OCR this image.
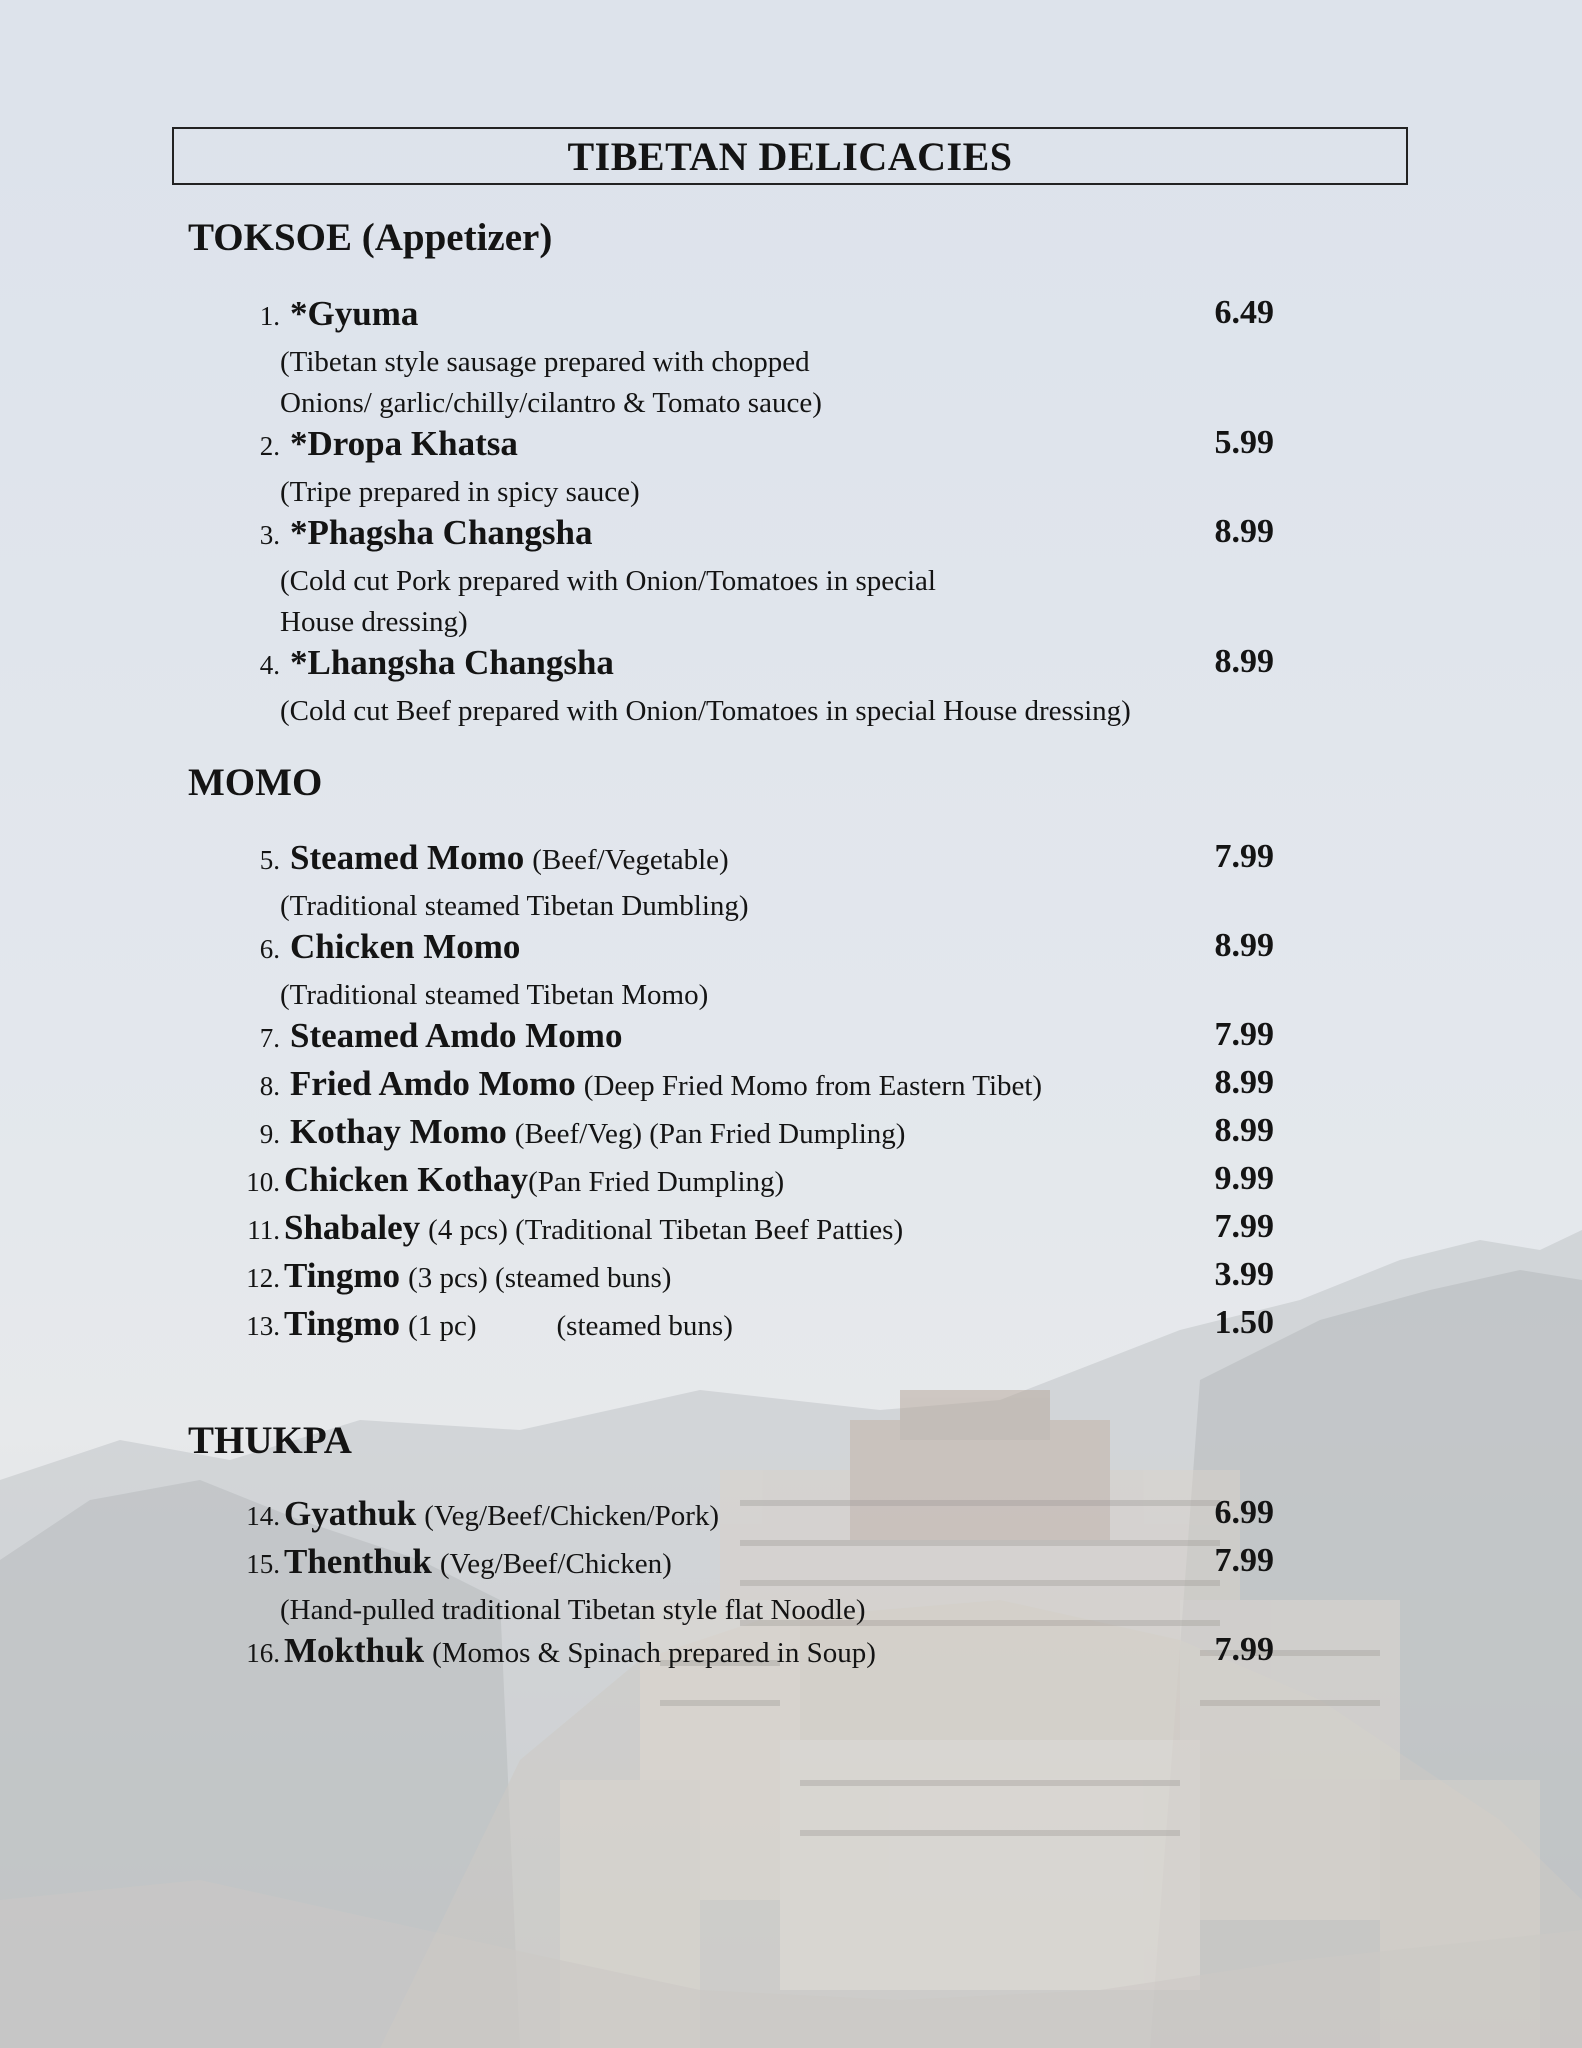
TIBETAN DELICACIES
TOKSOE (Appetizer)
1. *Gyuma	6.49
(Tibetan style sausage prepared with chopped
Onions/ garlic/chilly/cilantro & Tomato sauce)
2. *Dropa Khatsa	5.99
(Tripe prepared in spicy sauce)
3. *Phagsha Changsha	8.99
(Cold cut Pork prepared with Onion/Tomatoes in special
House dressing)
4. *Lhangsha Changsha	8.99
(Cold cut Beef prepared with Onion/Tomatoes in special House dressing)
MOMO
5. Steamed Momo (Beef/Vegetable)	7.99
(Traditional steamed Tibetan Dumbling)
6. Chicken Momo	8.99
(Traditional steamed Tibetan Momo)
7. Steamed Amdo Momo	7.99
8. Fried Amdo Momo (Deep Fried Momo from Eastern Tibet)	8.99
9. Kothay Momo (Beef/Veg) (Pan Fried Dumpling)	8.99
10. Chicken Kothay (Pan Fried Dumpling)	9.99
11. Shabaley (4 pcs) (Traditional Tibetan Beef Patties)	7.99
12. Tingmo (3 pcs) (steamed buns)	3.99
13. Tingmo (1 pc)	(steamed buns)	1.50
THUKPA
14. Gyathuk (Veg/Beef/Chicken/Pork)	6.99
15. Thenthuk (Veg/Beef/Chicken)	7.99
(Hand-pulled traditional Tibetan style flat Noodle)
16. Mokthuk (Momos & Spinach prepared in Soup)	7.99
